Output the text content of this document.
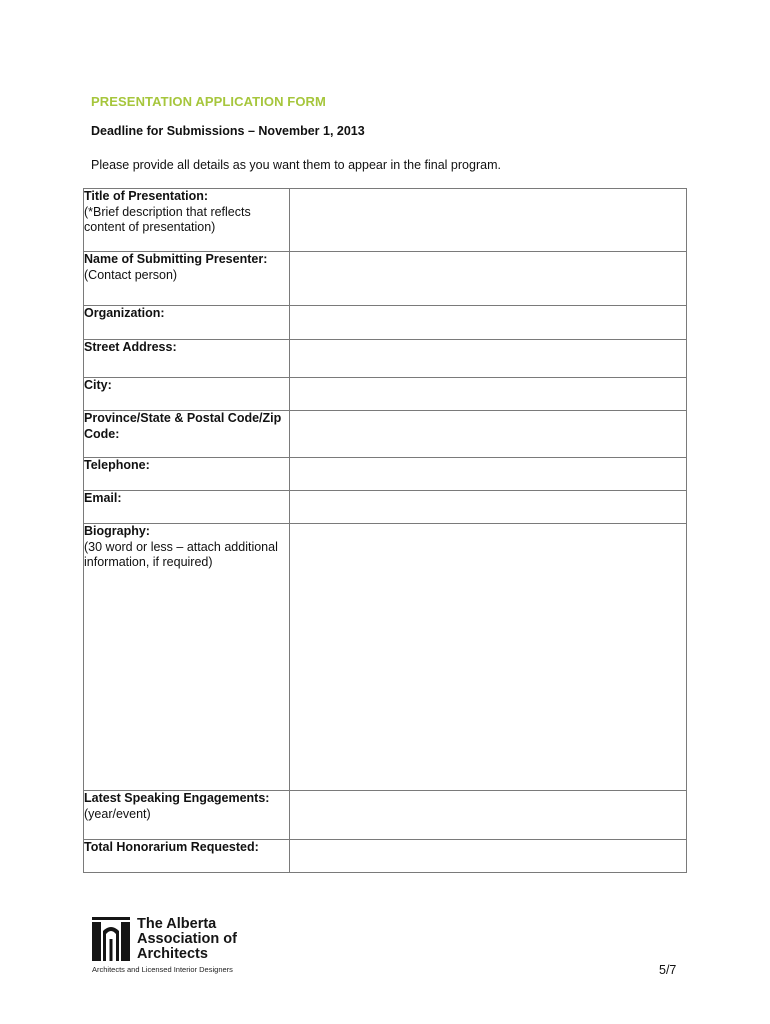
PRESENTATION APPLICATION FORM

Deadline for Submissions – November 1, 2013

Please provide all details as you want them to appear in the final program.

Title of Presentation:
(*Brief description that reflects content of presentation)	

Name of Submitting Presenter:
(Contact person)	

Organization:	

Street Address:	

City:	

Province/State & Postal Code/Zip Code:	

Telephone:	

Email:	

Biography:
(30 word or less – attach additional information, if required)	

Latest Speaking Engagements:
(year/event)	

Total Honorarium Requested:	

The Alberta
Association of
Architects

Architects and Licensed Interior Designers	5/7
